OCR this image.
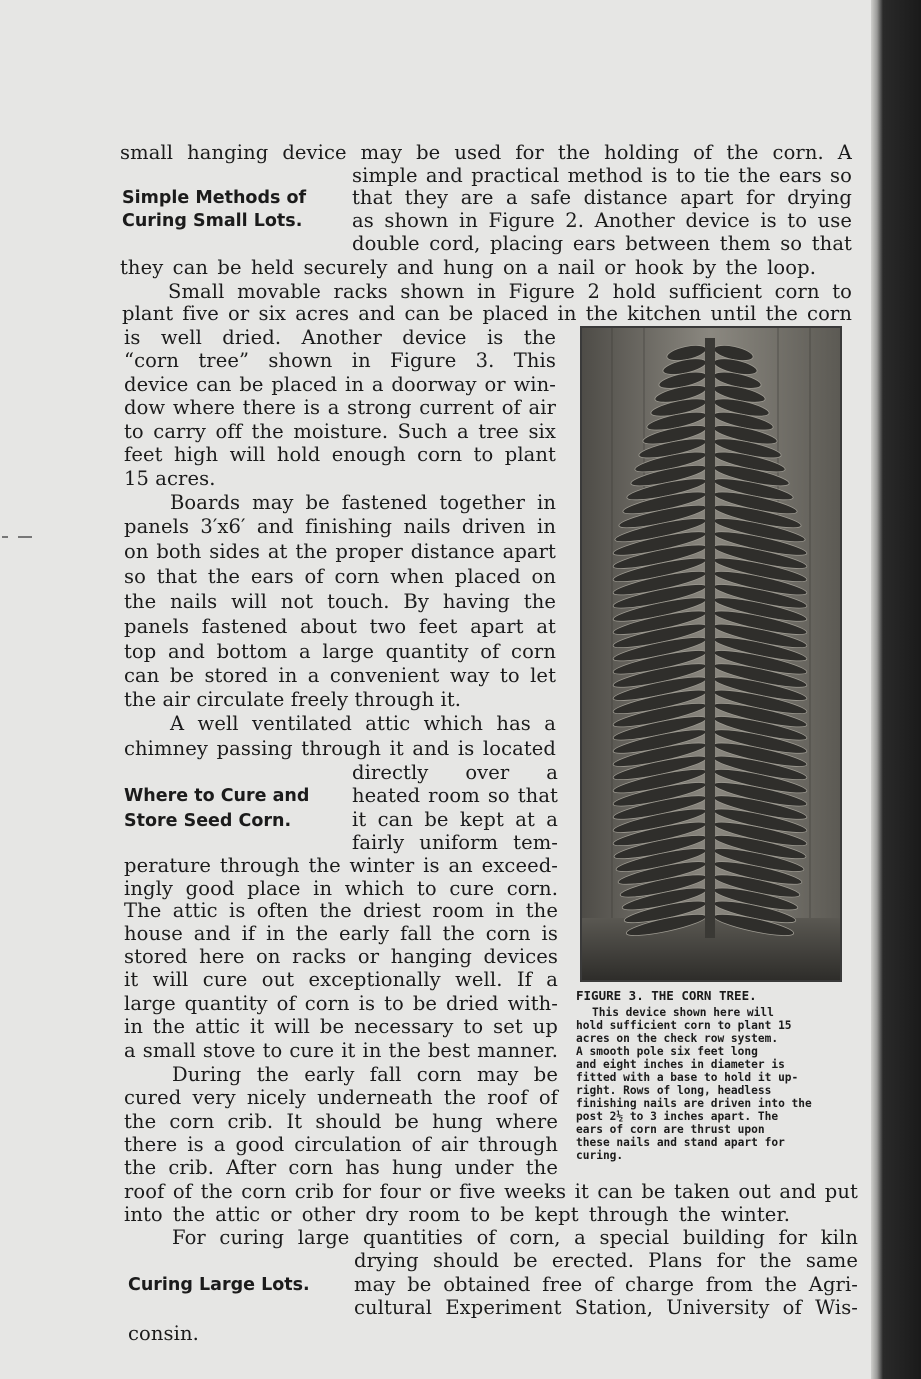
Simple Methods of
Curing Small Lots.
Where to Cure and
Store Seed Corn.
Curing Large Lots.
small hanging device may be used for the holding of the corn. A
simple and practical method is to tie the ears so
that they are a safe distance apart for drying
as shown in Figure 2. Another device is to use
double cord, placing ears between them so that
they can be held securely and hung on a nail or hook by the loop.
Small movable racks shown in Figure 2 hold sufficient corn to
plant five or six acres and can be placed in the kitchen until the corn
is well dried. Another device is the
“corn tree” shown in Figure 3. This
device can be placed in a doorway or win-
dow where there is a strong current of air
to carry off the moisture. Such a tree six
feet high will hold enough corn to plant
15 acres.
Boards may be fastened together in
panels 3′x6′ and finishing nails driven in
on both sides at the proper distance apart
so that the ears of corn when placed on
the nails will not touch. By having the
panels fastened about two feet apart at
top and bottom a large quantity of corn
can be stored in a convenient way to let
the air circulate freely through it.
A well ventilated attic which has a
chimney passing through it and is located
directly over a
heated room so that
it can be kept at a
fairly uniform tem-
perature through the winter is an exceed-
ingly good place in which to cure corn.
The attic is often the driest room in the
house and if in the early fall the corn is
stored here on racks or hanging devices
it will cure out exceptionally well. If a
large quantity of corn is to be dried with-
in the attic it will be necessary to set up
a small stove to cure it in the best manner.
During the early fall corn may be
cured very nicely underneath the roof of
the corn crib. It should be hung where
there is a good circulation of air through
the crib. After corn has hung under the
roof of the corn crib for four or five weeks it can be taken out and put
into the attic or other dry room to be kept through the winter.
For curing large quantities of corn, a special building for kiln
drying should be erected. Plans for the same
may be obtained free of charge from the Agri-
cultural Experiment Station, University of Wis-
consin.
FIGURE 3. THE CORN TREE.
This device shown here will
hold sufficient corn to plant 15
acres on the check row system.
A smooth pole six feet long
and eight inches in diameter is
fitted with a base to hold it up-
right. Rows of long, headless
finishing nails are driven into the
post 2½ to 3 inches apart. The
ears of corn are thrust upon
these nails and stand apart for
curing.
